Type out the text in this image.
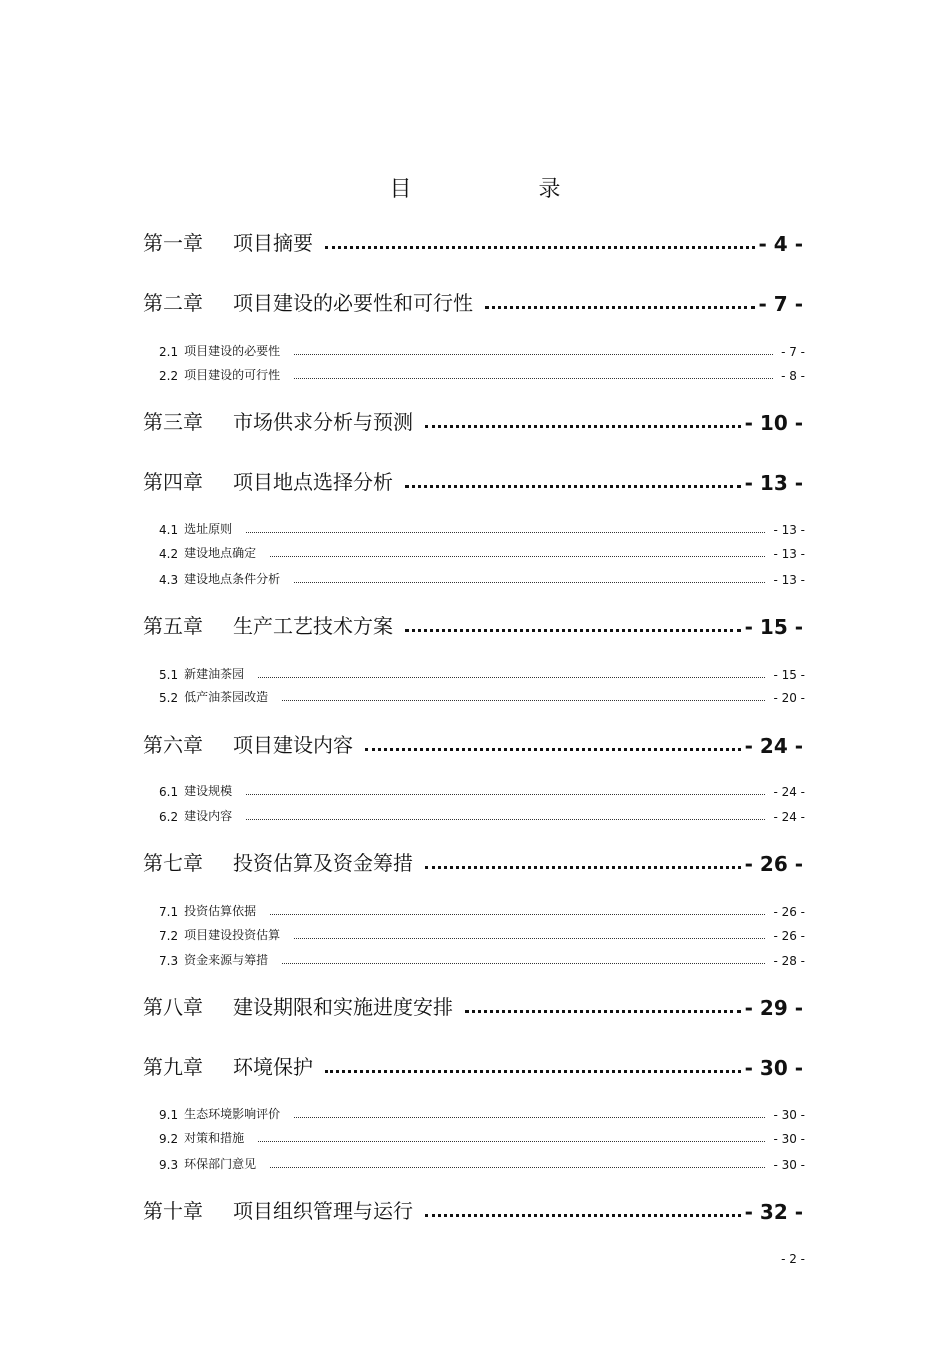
目 录
第一章	项目摘要	- 4 -
第二章	项目建设的必要性和可行性	- 7 -
2.1 项目建设的必要性	- 7 -
2.2 项目建设的可行性	- 8 -
第三章	市场供求分析与预测	- 10 -
第四章	项目地点选择分析	- 13 -
4.1 选址原则	- 13 -
4.2 建设地点确定	- 13 -
4.3 建设地点条件分析	- 13 -
第五章	生产工艺技术方案	- 15 -
5.1 新建油茶园	- 15 -
5.2 低产油茶园改造	- 20 -
第六章	项目建设内容	- 24 -
6.1 建设规模	- 24 -
6.2 建设内容	- 24 -
第七章	投资估算及资金筹措	- 26 -
7.1 投资估算依据	- 26 -
7.2 项目建设投资估算	- 26 -
7.3 资金来源与筹措	- 28 -
第八章	建设期限和实施进度安排	- 29 -
第九章	环境保护	- 30 -
9.1 生态环境影响评价	- 30 -
9.2 对策和措施	- 30 -
9.3 环保部门意见	- 30 -
第十章	项目组织管理与运行	- 32 -
- 2 -
